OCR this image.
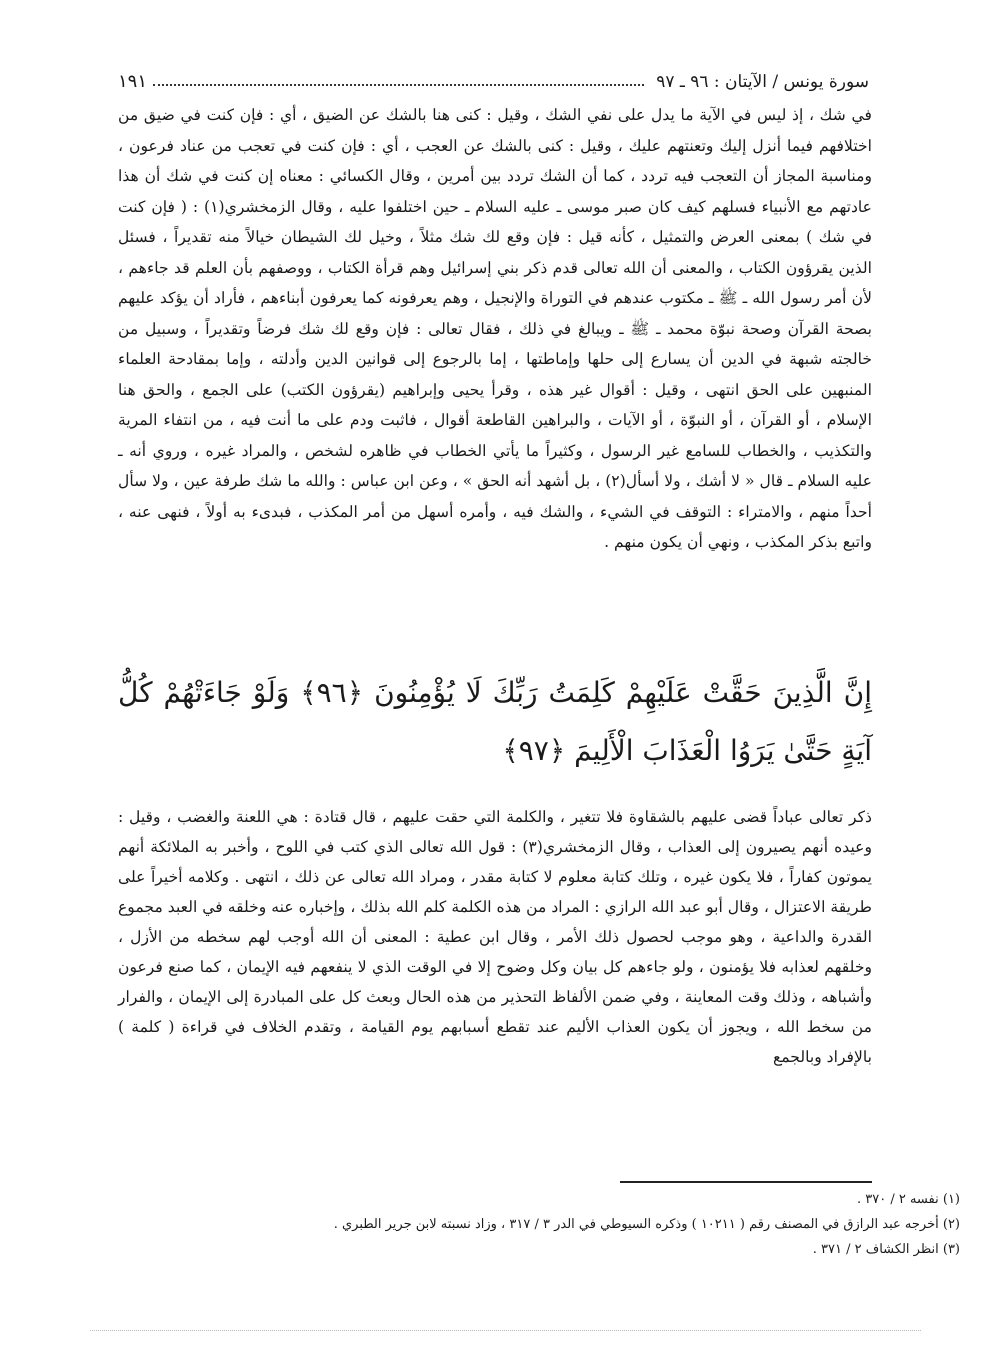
سورة يونس / الآيتان : ٩٦ ـ ٩٧
١٩١
في شك ، إذ ليس في الآية ما يدل على نفي الشك ، وقيل : كنى هنا بالشك عن الضيق ، أي : فإن كنت في ضيق من اختلافهم فيما أنزل إليك وتعنتهم عليك ، وقيل : كنى بالشك عن العجب ، أي : فإن كنت في تعجب من عناد فرعون ، ومناسبة المجاز أن التعجب فيه تردد ، كما أن الشك تردد بين أمرين ، وقال الكسائي : معناه إن كنت في شك أن هذا عادتهم مع الأنبياء فسلهم كيف كان صبر موسى ـ عليه السلام ـ حين اختلفوا عليه ، وقال الزمخشري(١) : ( فإن كنت في شك ) بمعنى العرض والتمثيل ، كأنه قيل : فإن وقع لك شك مثلاً ، وخيل لك الشيطان خيالاً منه تقديراً ، فسئل الذين يقرؤون الكتاب ، والمعنى أن الله تعالى قدم ذكر بني إسرائيل وهم قرأة الكتاب ، ووصفهم بأن العلم قد جاءهم ، لأن أمر رسول الله ـ ﷺ ـ مكتوب عندهم في التوراة والإنجيل ، وهم يعرفونه كما يعرفون أبناءهم ، فأراد أن يؤكد عليهم بصحة القرآن وصحة نبوّة محمد ـ ﷺ ـ ويبالغ في ذلك ، فقال تعالى : فإن وقع لك شك فرضاً وتقديراً ، وسبيل من خالجته شبهة في الدين أن يسارع إلى حلها وإماطتها ، إما بالرجوع إلى قوانين الدين وأدلته ، وإما بمقادحة العلماء المنبهين على الحق انتهى ، وقيل : أقوال غير هذه ، وقرأ يحيى وإبراهيم (يقرؤون الكتب) على الجمع ، والحق هنا الإسلام ، أو القرآن ، أو النبوّة ، أو الآيات ، والبراهين القاطعة أقوال ، فاثبت ودم على ما أنت فيه ، من انتفاء المرية والتكذيب ، والخطاب للسامع غير الرسول ، وكثيراً ما يأتي الخطاب في ظاهره لشخص ، والمراد غيره ، وروي أنه ـ عليه السلام ـ قال « لا أشك ، ولا أسأل(٢) ، بل أشهد أنه الحق » ، وعن ابن عباس : والله ما شك طرفة عين ، ولا سأل أحداً منهم ، والامتراء : التوقف في الشيء ، والشك فيه ، وأمره أسهل من أمر المكذب ، فبدىء به أولاً ، فنهى عنه ، واتبع بذكر المكذب ، ونهي أن يكون منهم .
إِنَّ الَّذِينَ حَقَّتْ عَلَيْهِمْ كَلِمَتُ رَبِّكَ لَا يُؤْمِنُونَ ﴿٩٦﴾ وَلَوْ جَاءَتْهُمْ كُلُّ آيَةٍ حَتَّىٰ يَرَوُا الْعَذَابَ الْأَلِيمَ ﴿٩٧﴾
ذكر تعالى عباداً قضى عليهم بالشقاوة فلا تتغير ، والكلمة التي حقت عليهم ، قال قتادة : هي اللعنة والغضب ، وقيل : وعيده أنهم يصيرون إلى العذاب ، وقال الزمخشري(٣) : قول الله تعالى الذي كتب في اللوح ، وأخبر به الملائكة أنهم يموتون كفاراً ، فلا يكون غيره ، وتلك كتابة معلوم لا كتابة مقدر ، ومراد الله تعالى عن ذلك ، انتهى . وكلامه أخيراً على طريقة الاعتزال ، وقال أبو عبد الله الرازي : المراد من هذه الكلمة كلم الله بذلك ، وإخباره عنه وخلقه في العبد مجموع القدرة والداعية ، وهو موجب لحصول ذلك الأمر ، وقال ابن عطية : المعنى أن الله أوجب لهم سخطه من الأزل ، وخلقهم لعذابه فلا يؤمنون ، ولو جاءهم كل بيان وكل وضوح إلا في الوقت الذي لا ينفعهم فيه الإيمان ، كما صنع فرعون وأشباهه ، وذلك وقت المعاينة ، وفي ضمن الألفاظ التحذير من هذه الحال وبعث كل على المبادرة إلى الإيمان ، والفرار من سخط الله ، ويجوز أن يكون العذاب الأليم عند تقطع أسبابهم يوم القيامة ، وتقدم الخلاف في قراءة ( كلمة ) بالإفراد وبالجمع
(١) نفسه ٢ / ٣٧٠ .
(٢) أخرجه عبد الرازق في المصنف رقم ( ١٠٢١١ ) وذكره السيوطي في الدر ٣ / ٣١٧ ، وزاد نسبته لابن جرير الطبري .
(٣) انظر الكشاف ٢ / ٣٧١ .
